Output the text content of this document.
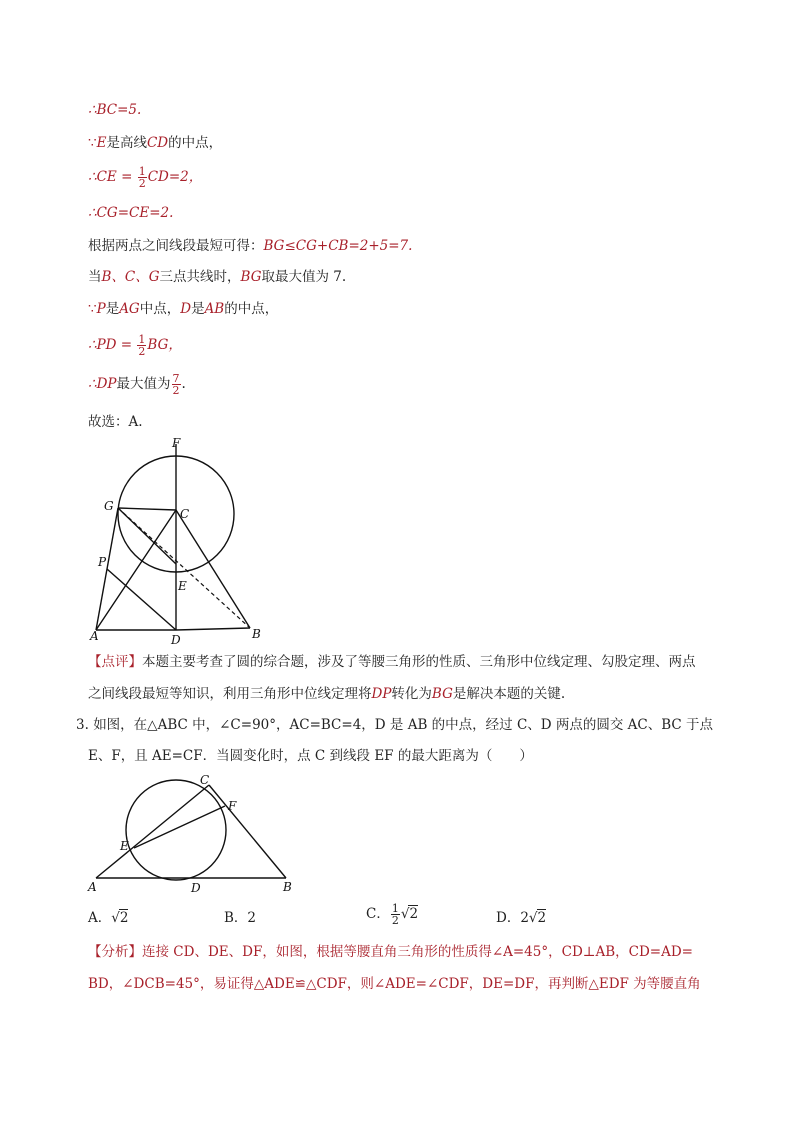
∴BC=5.
∵E是高线CD的中点，
∴CE = $\frac{1}{2} CD=2$，
∴CG=CE=2.
根据两点之间线段最短可得：BG≤CG+CB=2+5=7.
当B、C、G三点共线时，BG取最大值为 7.
∵P是AG中点，D是AB的中点，
∴PD = $\frac{1}{2}$ BG，
∴DP最大值为 $\frac{7}{2}$ .
故选：A.
F
G
C
P
E
A	D	B
【点评】本题主要考查了圆的综合题，涉及了等腰三角形的性质、三角形中位线定理、勾股定理、两点
之间线段最短等知识，利用三角形中位线定理将DP转化为BG是解决本题的关键.
3. 如图，在△ABC 中，∠C=90°，AC=BC=4，D 是 AB 的中点，经过 C、D 两点的圆交 AC、BC 于点
E、F，且 AE=CF．当圆变化时，点 C 到线段 EF 的最大距离为（　　）
C
F
E
A	D	B
A．√2	B．2	C． $\frac{1}{2} √2$	D．2√2
【分析】连接 CD、DE、DF，如图，根据等腰直角三角形的性质得∠A=45°，CD⊥AB，CD=AD=
BD，∠DCB=45°，易证得△ADE≌△CDF，则∠ADE=∠CDF，DE=DF，再判断△EDF 为等腰直角
